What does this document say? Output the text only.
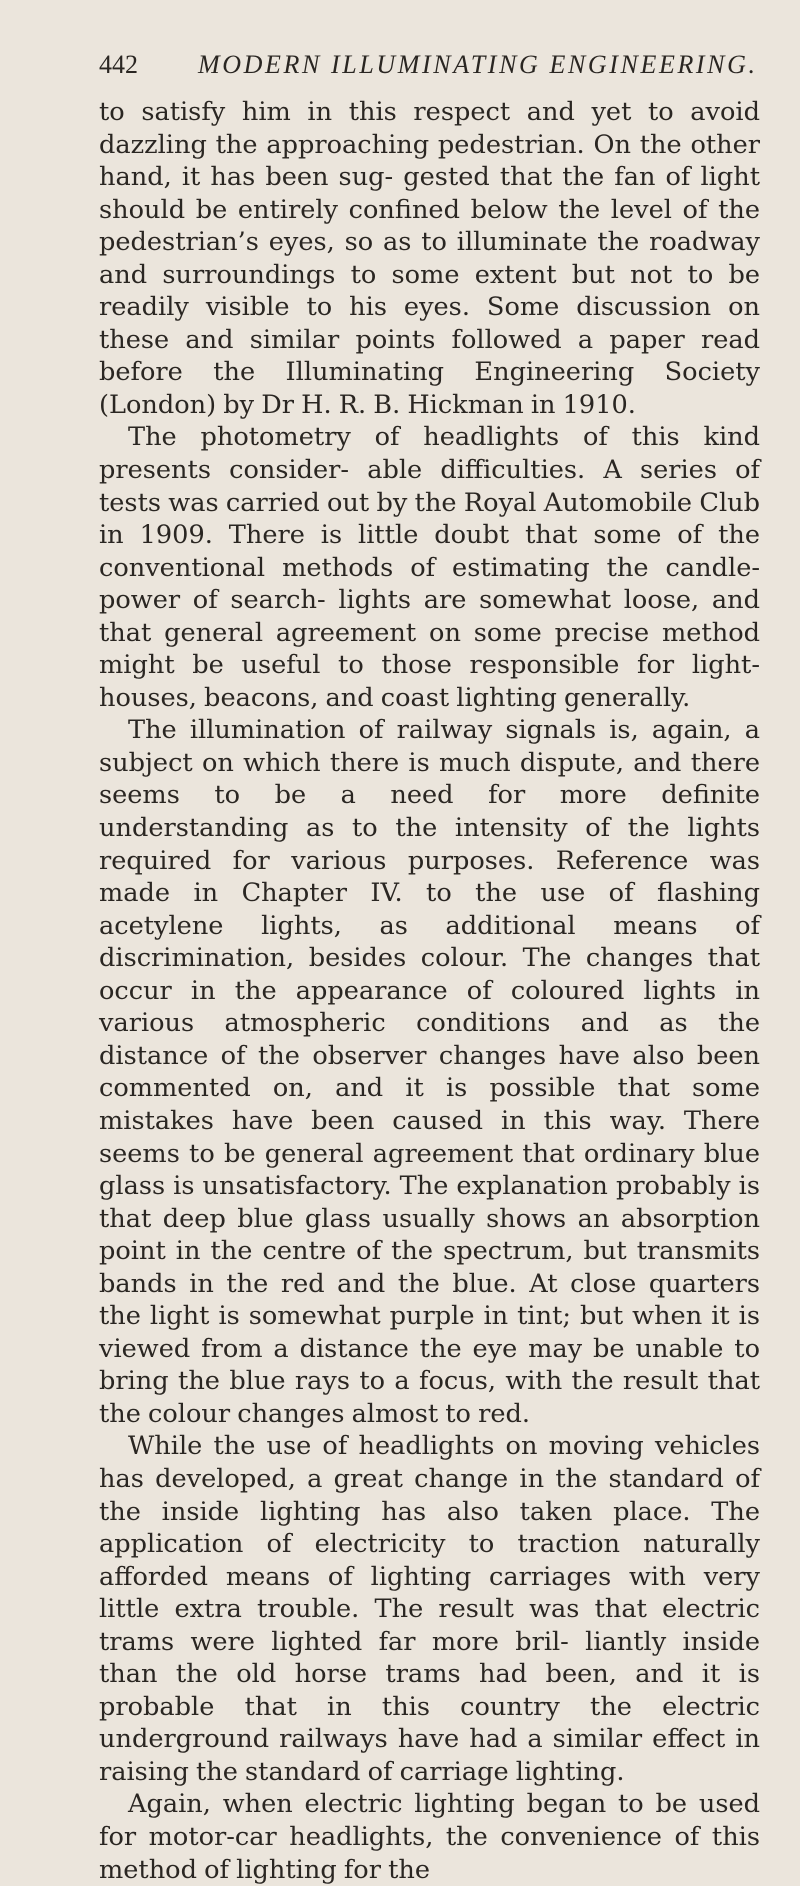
442 MODERN ILLUMINATING ENGINEERING.

to satisfy him in this respect and yet to avoid dazzling the approaching pedestrian. On the other hand, it has been sug- gested that the fan of light should be entirely confined below the level of the pedestrian’s eyes, so as to illuminate the roadway and surroundings to some extent but not to be readily visible to his eyes. Some discussion on these and similar points followed a paper read before the Illuminating Engineering Society (London) by Dr H. R. B. Hickman in 1910.

The photometry of headlights of this kind presents consider- able difficulties. A series of tests was carried out by the Royal Automobile Club in 1909. There is little doubt that some of the conventional methods of estimating the candle-power of search- lights are somewhat loose, and that general agreement on some precise method might be useful to those responsible for light- houses, beacons, and coast lighting generally.

The illumination of railway signals is, again, a subject on which there is much dispute, and there seems to be a need for more definite understanding as to the intensity of the lights required for various purposes. Reference was made in Chapter IV. to the use of flashing acetylene lights, as additional means of discrimination, besides colour. The changes that occur in the appearance of coloured lights in various atmospheric conditions and as the distance of the observer changes have also been commented on, and it is possible that some mistakes have been caused in this way. There seems to be general agreement that ordinary blue glass is unsatisfactory. The explanation probably is that deep blue glass usually shows an absorption point in the centre of the spectrum, but transmits bands in the red and the blue. At close quarters the light is somewhat purple in tint; but when it is viewed from a distance the eye may be unable to bring the blue rays to a focus, with the result that the colour changes almost to red.

While the use of headlights on moving vehicles has developed, a great change in the standard of the inside lighting has also taken place. The application of electricity to traction naturally afforded means of lighting carriages with very little extra trouble. The result was that electric trams were lighted far more bril- liantly inside than the old horse trams had been, and it is probable that in this country the electric underground railways have had a similar effect in raising the standard of carriage lighting.

Again, when electric lighting began to be used for motor-car headlights, the convenience of this method of lighting for the
